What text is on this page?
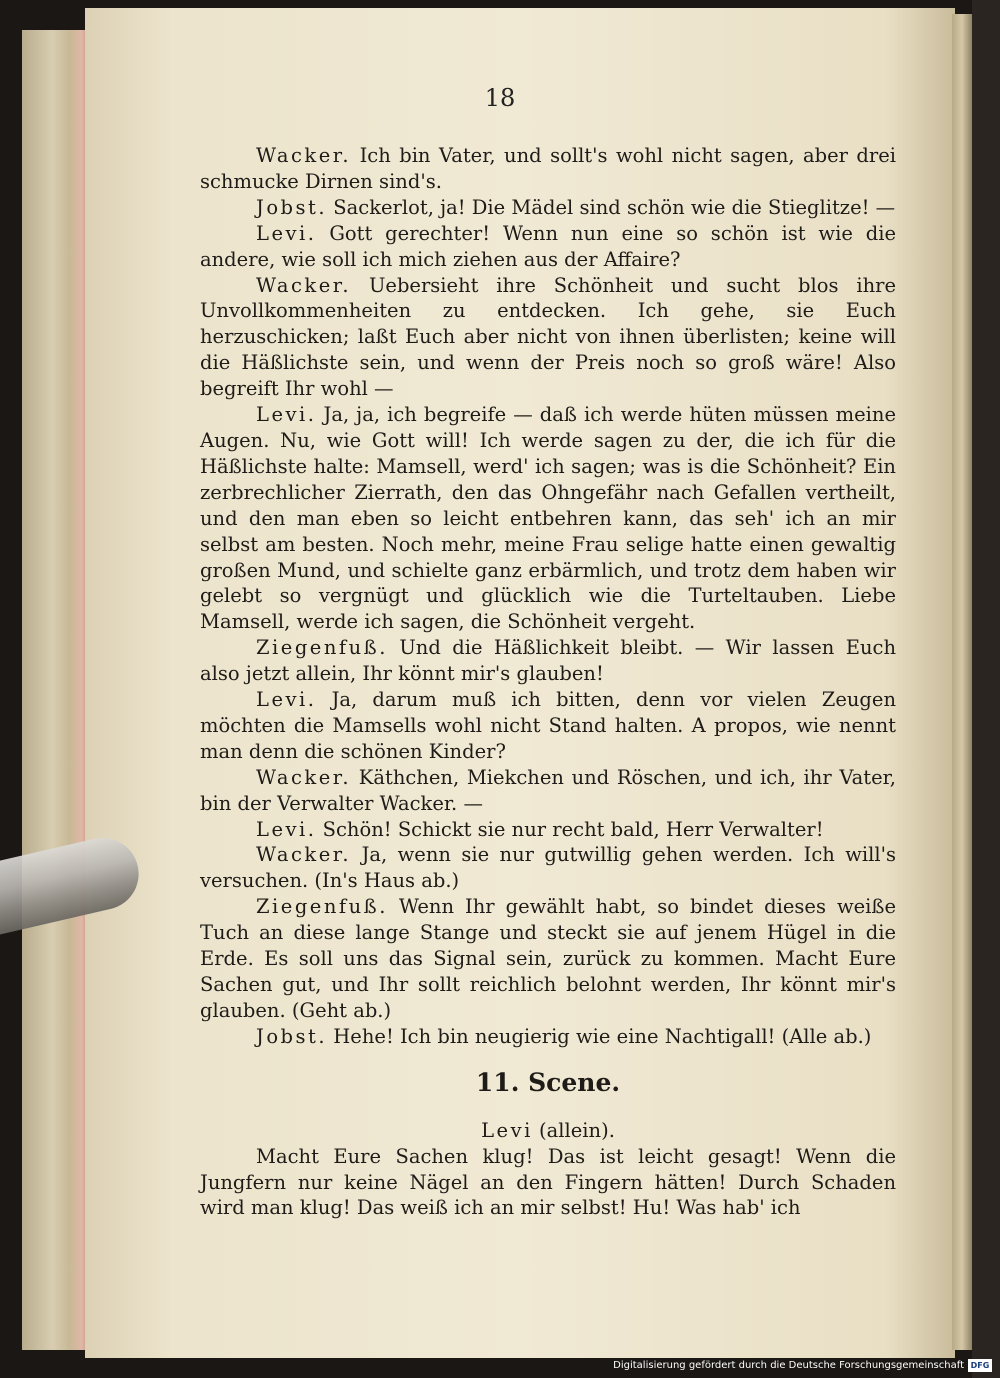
18

Wacker. Ich bin Vater, und sollt's wohl nicht sagen, aber drei schmucke Dirnen sind's.

Jobst. Sackerlot, ja! Die Mädel sind schön wie die Stieglitze! —

Levi. Gott gerechter! Wenn nun eine so schön ist wie die andere, wie soll ich mich ziehen aus der Affaire?

Wacker. Uebersieht ihre Schönheit und sucht blos ihre Unvollkommenheiten zu entdecken. Ich gehe, sie Euch herzuschicken; laßt Euch aber nicht von ihnen überlisten; keine will die Häßlichste sein, und wenn der Preis noch so groß wäre! Also begreift Ihr wohl —

Levi. Ja, ja, ich begreife — daß ich werde hüten müssen meine Augen. Nu, wie Gott will! Ich werde sagen zu der, die ich für die Häßlichste halte: Mamsell, werd' ich sagen; was is die Schönheit? Ein zerbrechlicher Zierrath, den das Ohngefähr nach Gefallen vertheilt, und den man eben so leicht entbehren kann, das seh' ich an mir selbst am besten. Noch mehr, meine Frau selige hatte einen gewaltig großen Mund, und schielte ganz erbärmlich, und trotz dem haben wir gelebt so vergnügt und glücklich wie die Turteltauben. Liebe Mamsell, werde ich sagen, die Schönheit vergeht.

Ziegenfuß. Und die Häßlichkeit bleibt. — Wir lassen Euch also jetzt allein, Ihr könnt mir's glauben!

Levi. Ja, darum muß ich bitten, denn vor vielen Zeugen möchten die Mamsells wohl nicht Stand halten. A propos, wie nennt man denn die schönen Kinder?

Wacker. Käthchen, Miekchen und Röschen, und ich, ihr Vater, bin der Verwalter Wacker. —

Levi. Schön! Schickt sie nur recht bald, Herr Verwalter!

Wacker. Ja, wenn sie nur gutwillig gehen werden. Ich will's versuchen. (In's Haus ab.)

Ziegenfuß. Wenn Ihr gewählt habt, so bindet dieses weiße Tuch an diese lange Stange und steckt sie auf jenem Hügel in die Erde. Es soll uns das Signal sein, zurück zu kommen. Macht Eure Sachen gut, und Ihr sollt reichlich belohnt werden, Ihr könnt mir's glauben. (Geht ab.)

Jobst. Hehe! Ich bin neugierig wie eine Nachtigall! (Alle ab.)

11. Scene.

Levi (allein).

Macht Eure Sachen klug! Das ist leicht gesagt! Wenn die Jungfern nur keine Nägel an den Fingern hätten! Durch Schaden wird man klug! Das weiß ich an mir selbst! Hu! Was hab' ich

Digitalisierung gefördert durch die Deutsche Forschungsgemeinschaft DFG
